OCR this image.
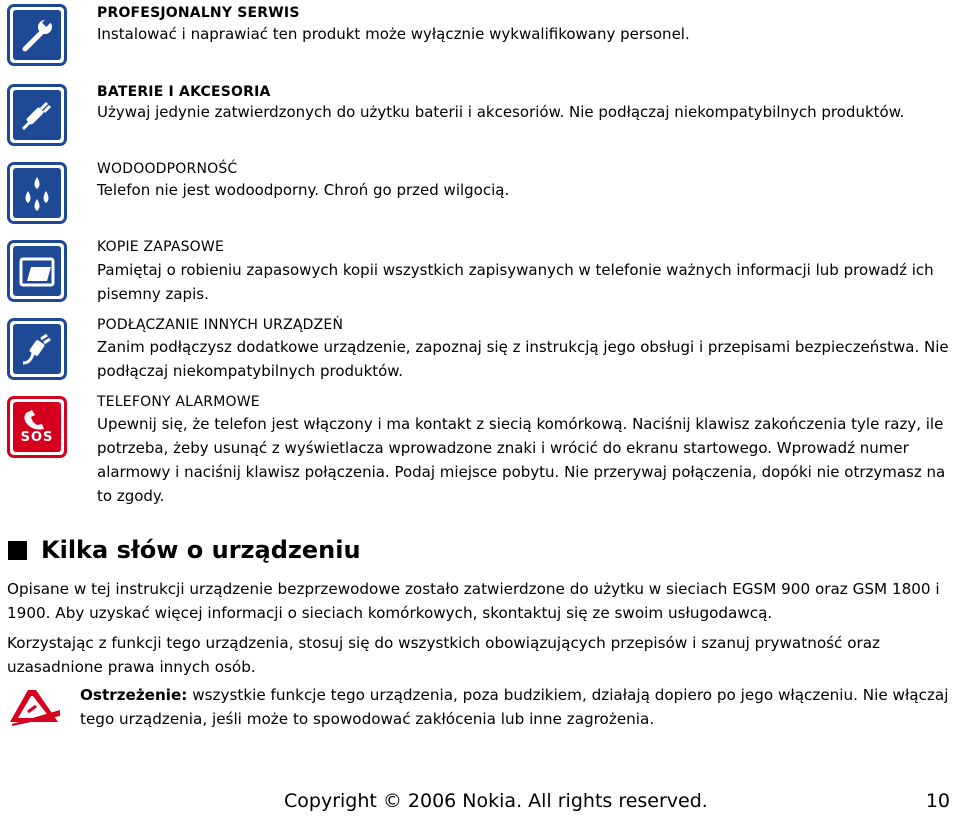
PROFESJONALNY SERWIS
Instalować i naprawiać ten produkt może wyłącznie wykwalifikowany personel.
BATERIE I AKCESORIA
Używaj jedynie zatwierdzonych do użytku baterii i akcesoriów. Nie podłączaj niekompatybilnych produktów.
WODOODPORNOŚĆ
Telefon nie jest wodoodporny. Chroń go przed wilgocią.
KOPIE ZAPASOWE
Pamiętaj o robieniu zapasowych kopii wszystkich zapisywanych w telefonie ważnych informacji lub prowadź ich pisemny zapis.
PODŁĄCZANIE INNYCH URZĄDZEŃ
Zanim podłączysz dodatkowe urządzenie, zapoznaj się z instrukcją jego obsługi i przepisami bezpieczeństwa. Nie podłączaj niekompatybilnych produktów.
SOS
TELEFONY ALARMOWE
Upewnij się, że telefon jest włączony i ma kontakt z siecią komórkową. Naciśnij klawisz zakończenia tyle razy, ile potrzeba, żeby usunąć z wyświetlacza wprowadzone znaki i wrócić do ekranu startowego. Wprowadź numer alarmowy i naciśnij klawisz połączenia. Podaj miejsce pobytu. Nie przerywaj połączenia, dopóki nie otrzymasz na to zgody.
Kilka słów o urządzeniu
Opisane w tej instrukcji urządzenie bezprzewodowe zostało zatwierdzone do użytku w sieciach EGSM 900 oraz GSM 1800 i 1900. Aby uzyskać więcej informacji o sieciach komórkowych, skontaktuj się ze swoim usługodawcą.
Korzystając z funkcji tego urządzenia, stosuj się do wszystkich obowiązujących przepisów i szanuj prywatność oraz uzasadnione prawa innych osób.
Ostrzeżenie: wszystkie funkcje tego urządzenia, poza budzikiem, działają dopiero po jego włączeniu. Nie włączaj tego urządzenia, jeśli może to spowodować zakłócenia lub inne zagrożenia.
Copyright © 2006 Nokia. All rights reserved.	10
